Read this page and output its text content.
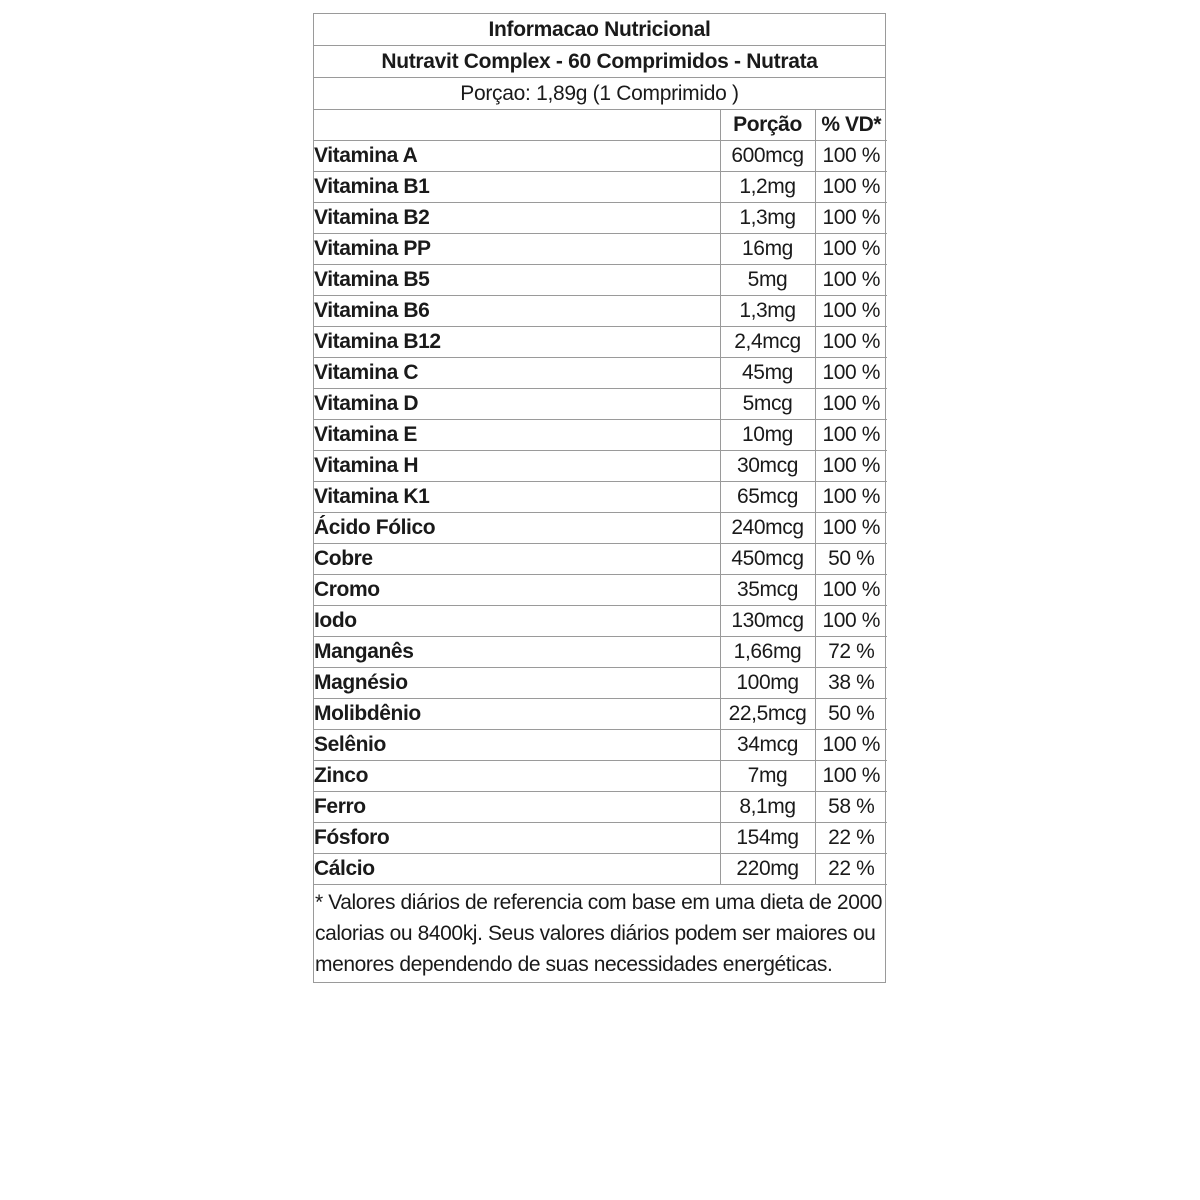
Informacao Nutricional
Nutravit Complex - 60 Comprimidos - Nutrata
Porçao: 1,89g (1 Comprimido )
	Porção	% VD*
Vitamina A	600mcg	100 %
Vitamina B1	1,2mg	100 %
Vitamina B2	1,3mg	100 %
Vitamina PP	16mg	100 %
Vitamina B5	5mg	100 %
Vitamina B6	1,3mg	100 %
Vitamina B12	2,4mcg	100 %
Vitamina C	45mg	100 %
Vitamina D	5mcg	100 %
Vitamina E	10mg	100 %
Vitamina H	30mcg	100 %
Vitamina K1	65mcg	100 %
Ácido Fólico	240mcg	100 %
Cobre	450mcg	50 %
Cromo	35mcg	100 %
Iodo	130mcg	100 %
Manganês	1,66mg	72 %
Magnésio	100mg	38 %
Molibdênio	22,5mcg	50 %
Selênio	34mcg	100 %
Zinco	7mg	100 %
Ferro	8,1mg	58 %
Fósforo	154mg	22 %
Cálcio	220mg	22 %
* Valores diários de referencia com base em uma dieta de 2000 calorias ou 8400kj. Seus valores diários podem ser maiores ou menores dependendo de suas necessidades energéticas.
